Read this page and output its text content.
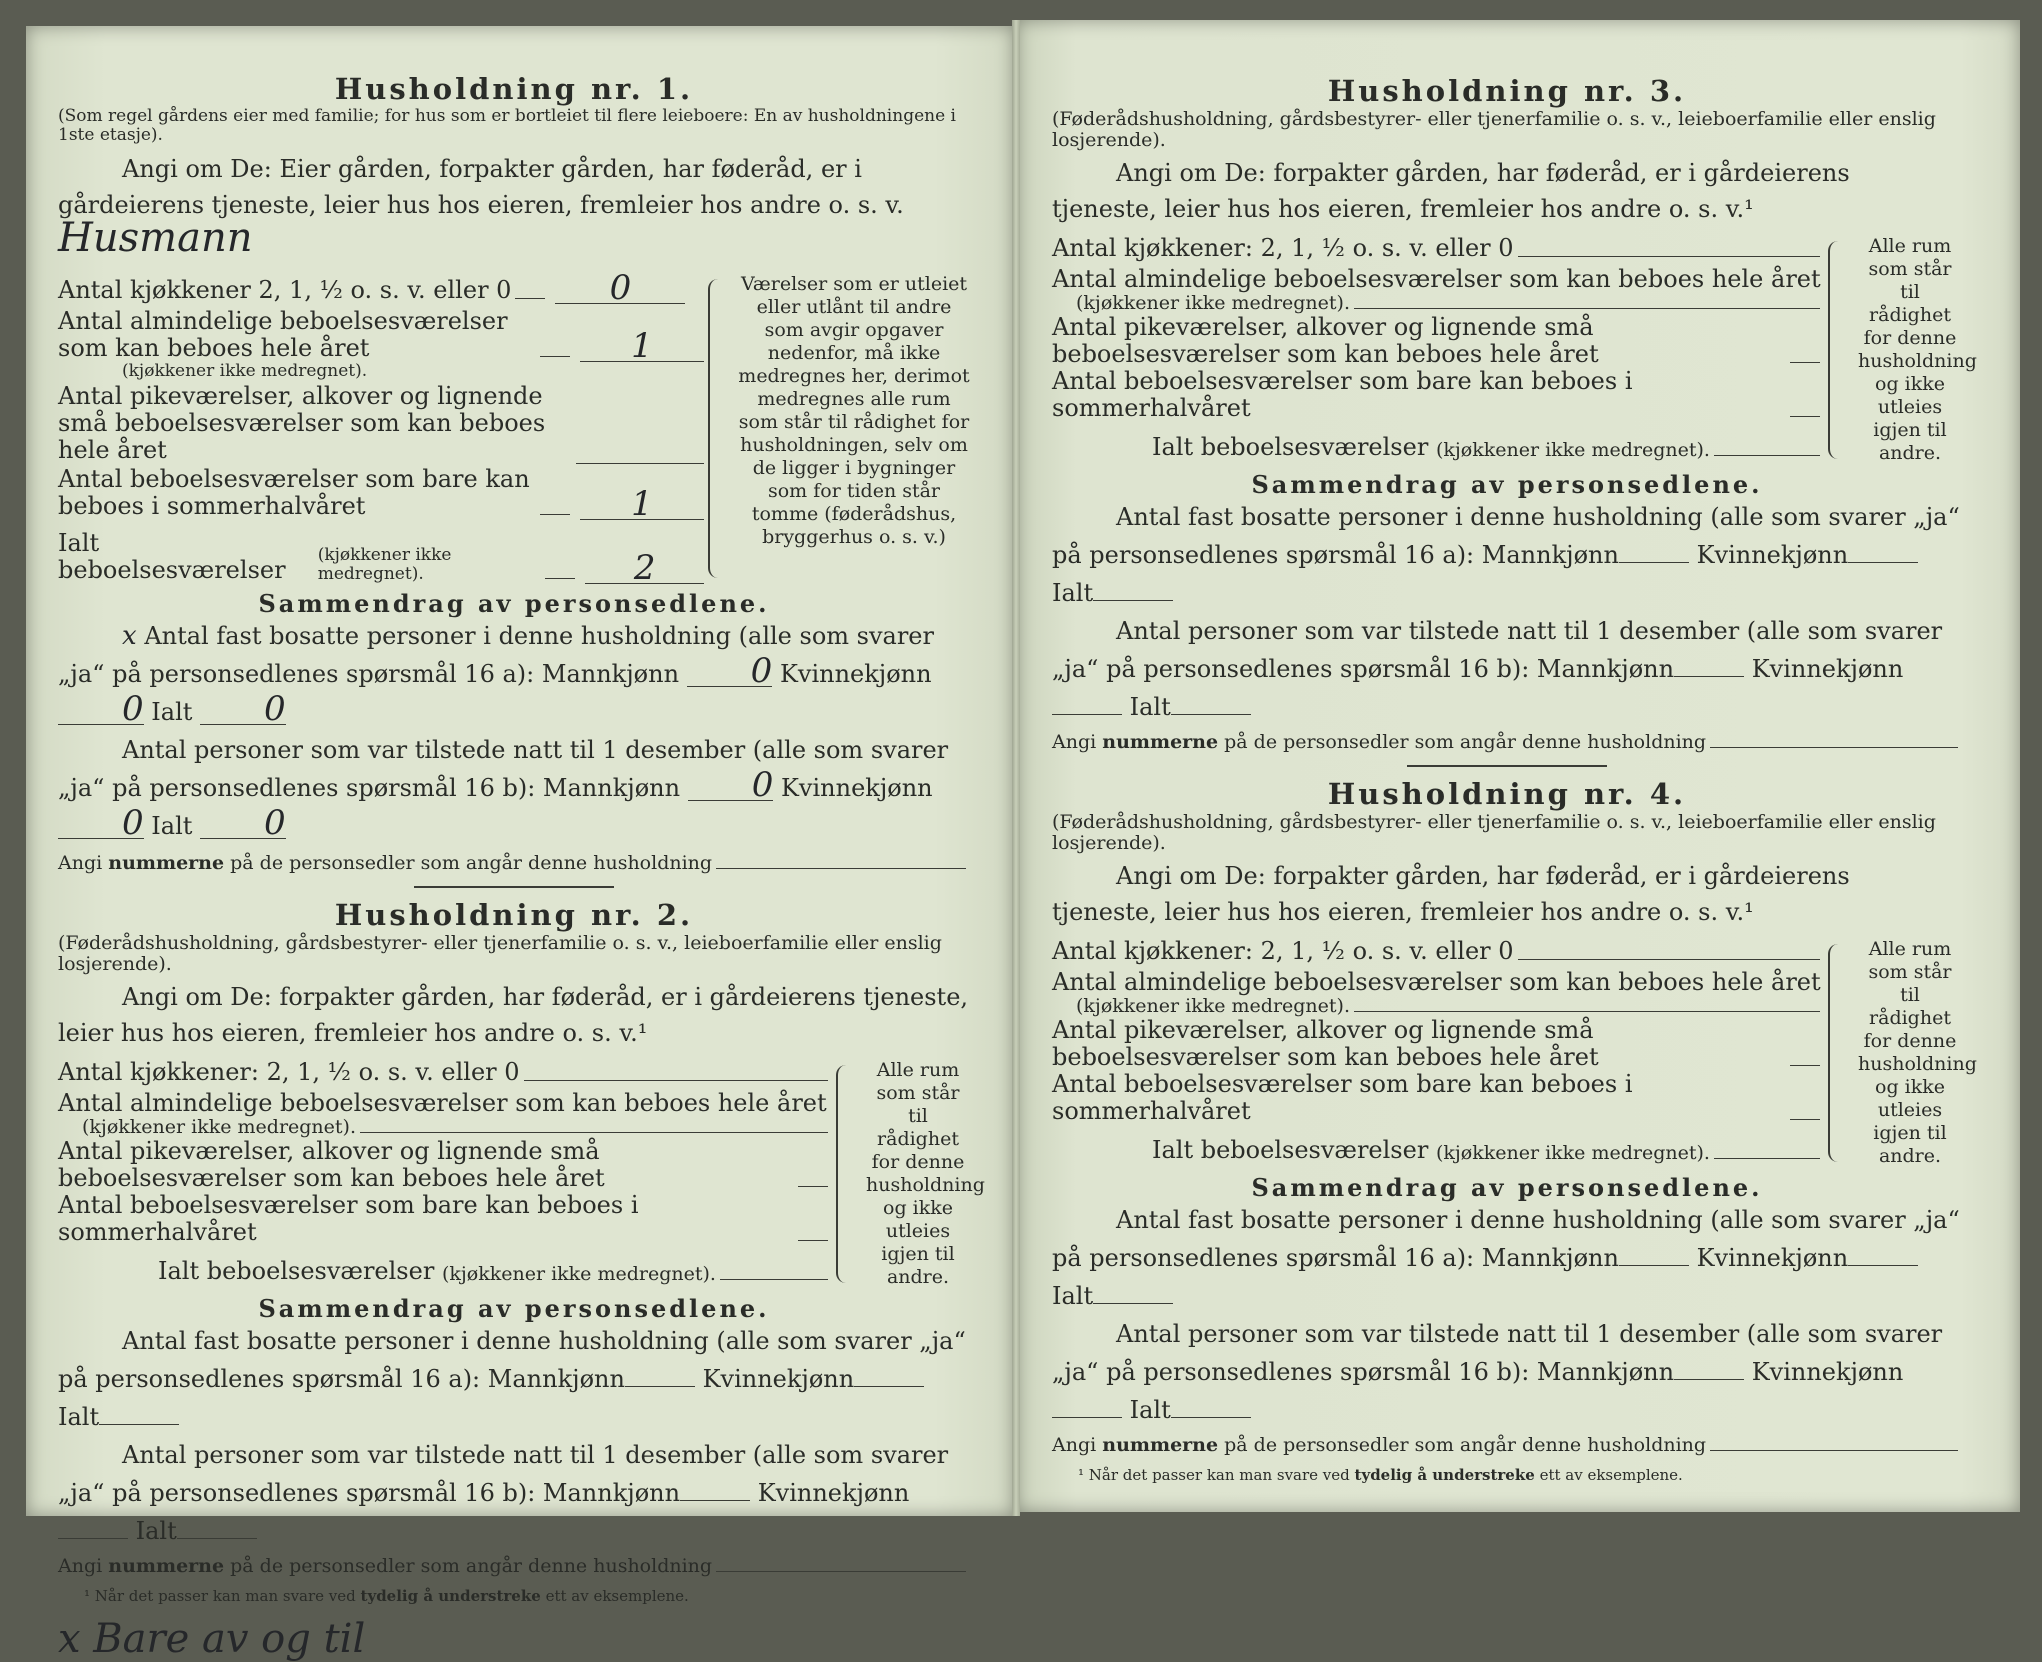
Husholdning nr. 1.
(Som regel gårdens eier med familie; for hus som er bortleiet til flere leieboere: En av husholdningene i 1ste etasje).
Angi om De: Eier gården, forpakter gården, har føderåd, er i gårdeierens tjeneste, leier hus hos eieren, fremleier hos andre o. s. v. Husmann
Antal kjøkkener 2, 1, ½ o. s. v. eller 0	0
Antal almindelige beboelsesværelser som kan beboes hele året	1
(kjøkkener ikke medregnet).
Antal pikeværelser, alkover og lignende små beboelsesværelser som kan beboes hele året
Antal beboelsesværelser som bare kan beboes i sommerhalvåret	1
Ialt beboelsesværelser

(kjøkkener ikke medregnet).	2
Værelser som er utleiet eller utlånt til andre som avgir opgaver nedenfor, må ikke medregnes her, derimot medregnes alle rum som står til rådighet for husholdningen, selv om de ligger i bygninger som for tiden står tomme (føderådshus, bryggerhus o. s. v.)
Sammendrag av personsedlene.
x Antal fast bosatte personer i denne husholdning (alle som svarer „ja“ på personsedlenes spørsmål 16 a): Mannkjønn 0 Kvinnekjønn 0 Ialt 0
Antal personer som var tilstede natt til 1 desember (alle som svarer „ja“ på personsedlenes spørsmål 16 b): Mannkjønn 0 Kvinnekjønn 0 Ialt 0
Angi
nummerne
på de personsedler som angår denne husholdning
Husholdning nr. 2.
(Føderådshusholdning, gårdsbestyrer- eller tjenerfamilie o. s. v., leieboerfamilie eller enslig losjerende).
Angi om De: forpakter gården, har føderåd, er i gårdeierens tjeneste, leier hus hos eieren, fremleier hos andre o. s. v.¹
Antal kjøkkener: 2, 1, ½ o. s. v. eller 0
Antal almindelige beboelsesværelser som kan beboes hele året
(kjøkkener ikke medregnet).
Antal pikeværelser, alkover og lignende små beboelsesværelser som kan beboes hele året
Antal beboelsesværelser som bare kan beboes i sommerhalvåret
Ialt beboelsesværelser
(kjøkkener ikke medregnet).
Alle rum som står til rådighet for denne husholdning og ikke utleies igjen til andre.
Sammendrag av personsedlene.
Antal fast bosatte personer i denne husholdning (alle som svarer „ja“ på personsedlenes spørsmål 16 a): Mannkjønn	Kvinnekjønn Ialt
Antal personer som var tilstede natt til 1 desember (alle som svarer „ja“ på personsedlenes spørsmål 16 b): Mannkjønn	Kvinnekjønn Ialt
Angi
nummerne
på de personsedler som angår denne husholdning
¹ Når det passer kan man svare ved tydelig å understreke ett av eksemplene.
x Bare av og til
Husholdning nr. 3.
(Føderådshusholdning, gårdsbestyrer- eller tjenerfamilie o. s. v., leieboerfamilie eller enslig losjerende).
Angi om De: forpakter gården, har føderåd, er i gårdeierens tjeneste, leier hus hos eieren, fremleier hos andre o. s. v.¹
Antal kjøkkener: 2, 1, ½ o. s. v. eller 0
Antal almindelige beboelsesværelser som kan beboes hele året
(kjøkkener ikke medregnet).
Antal pikeværelser, alkover og lignende små beboelsesværelser som kan beboes hele året
Antal beboelsesværelser som bare kan beboes i sommerhalvåret
Ialt beboelsesværelser
(kjøkkener ikke medregnet).
Alle rum som står til rådighet for denne husholdning og ikke utleies igjen til andre.
Sammendrag av personsedlene.
Antal fast bosatte personer i denne husholdning (alle som svarer „ja“ på personsedlenes spørsmål 16 a): Mannkjønn	Kvinnekjønn Ialt
Antal personer som var tilstede natt til 1 desember (alle som svarer „ja“ på personsedlenes spørsmål 16 b): Mannkjønn	Kvinnekjønn Ialt
Angi
nummerne
på de personsedler som angår denne husholdning
Husholdning nr. 4.
(Føderådshusholdning, gårdsbestyrer- eller tjenerfamilie o. s. v., leieboerfamilie eller enslig losjerende).
Angi om De: forpakter gården, har føderåd, er i gårdeierens tjeneste, leier hus hos eieren, fremleier hos andre o. s. v.¹
Antal kjøkkener: 2, 1, ½ o. s. v. eller 0
Antal almindelige beboelsesværelser som kan beboes hele året
(kjøkkener ikke medregnet).
Antal pikeværelser, alkover og lignende små beboelsesværelser som kan beboes hele året
Antal beboelsesværelser som bare kan beboes i sommerhalvåret
Ialt beboelsesværelser
(kjøkkener ikke medregnet).
Alle rum som står til rådighet for denne husholdning og ikke utleies igjen til andre.
Sammendrag av personsedlene.
Antal fast bosatte personer i denne husholdning (alle som svarer „ja“ på personsedlenes spørsmål 16 a): Mannkjønn	Kvinnekjønn Ialt
Antal personer som var tilstede natt til 1 desember (alle som svarer „ja“ på personsedlenes spørsmål 16 b): Mannkjønn	Kvinnekjønn Ialt
Angi
nummerne
på de personsedler som angår denne husholdning
¹ Når det passer kan man svare ved tydelig å understreke ett av eksemplene.
